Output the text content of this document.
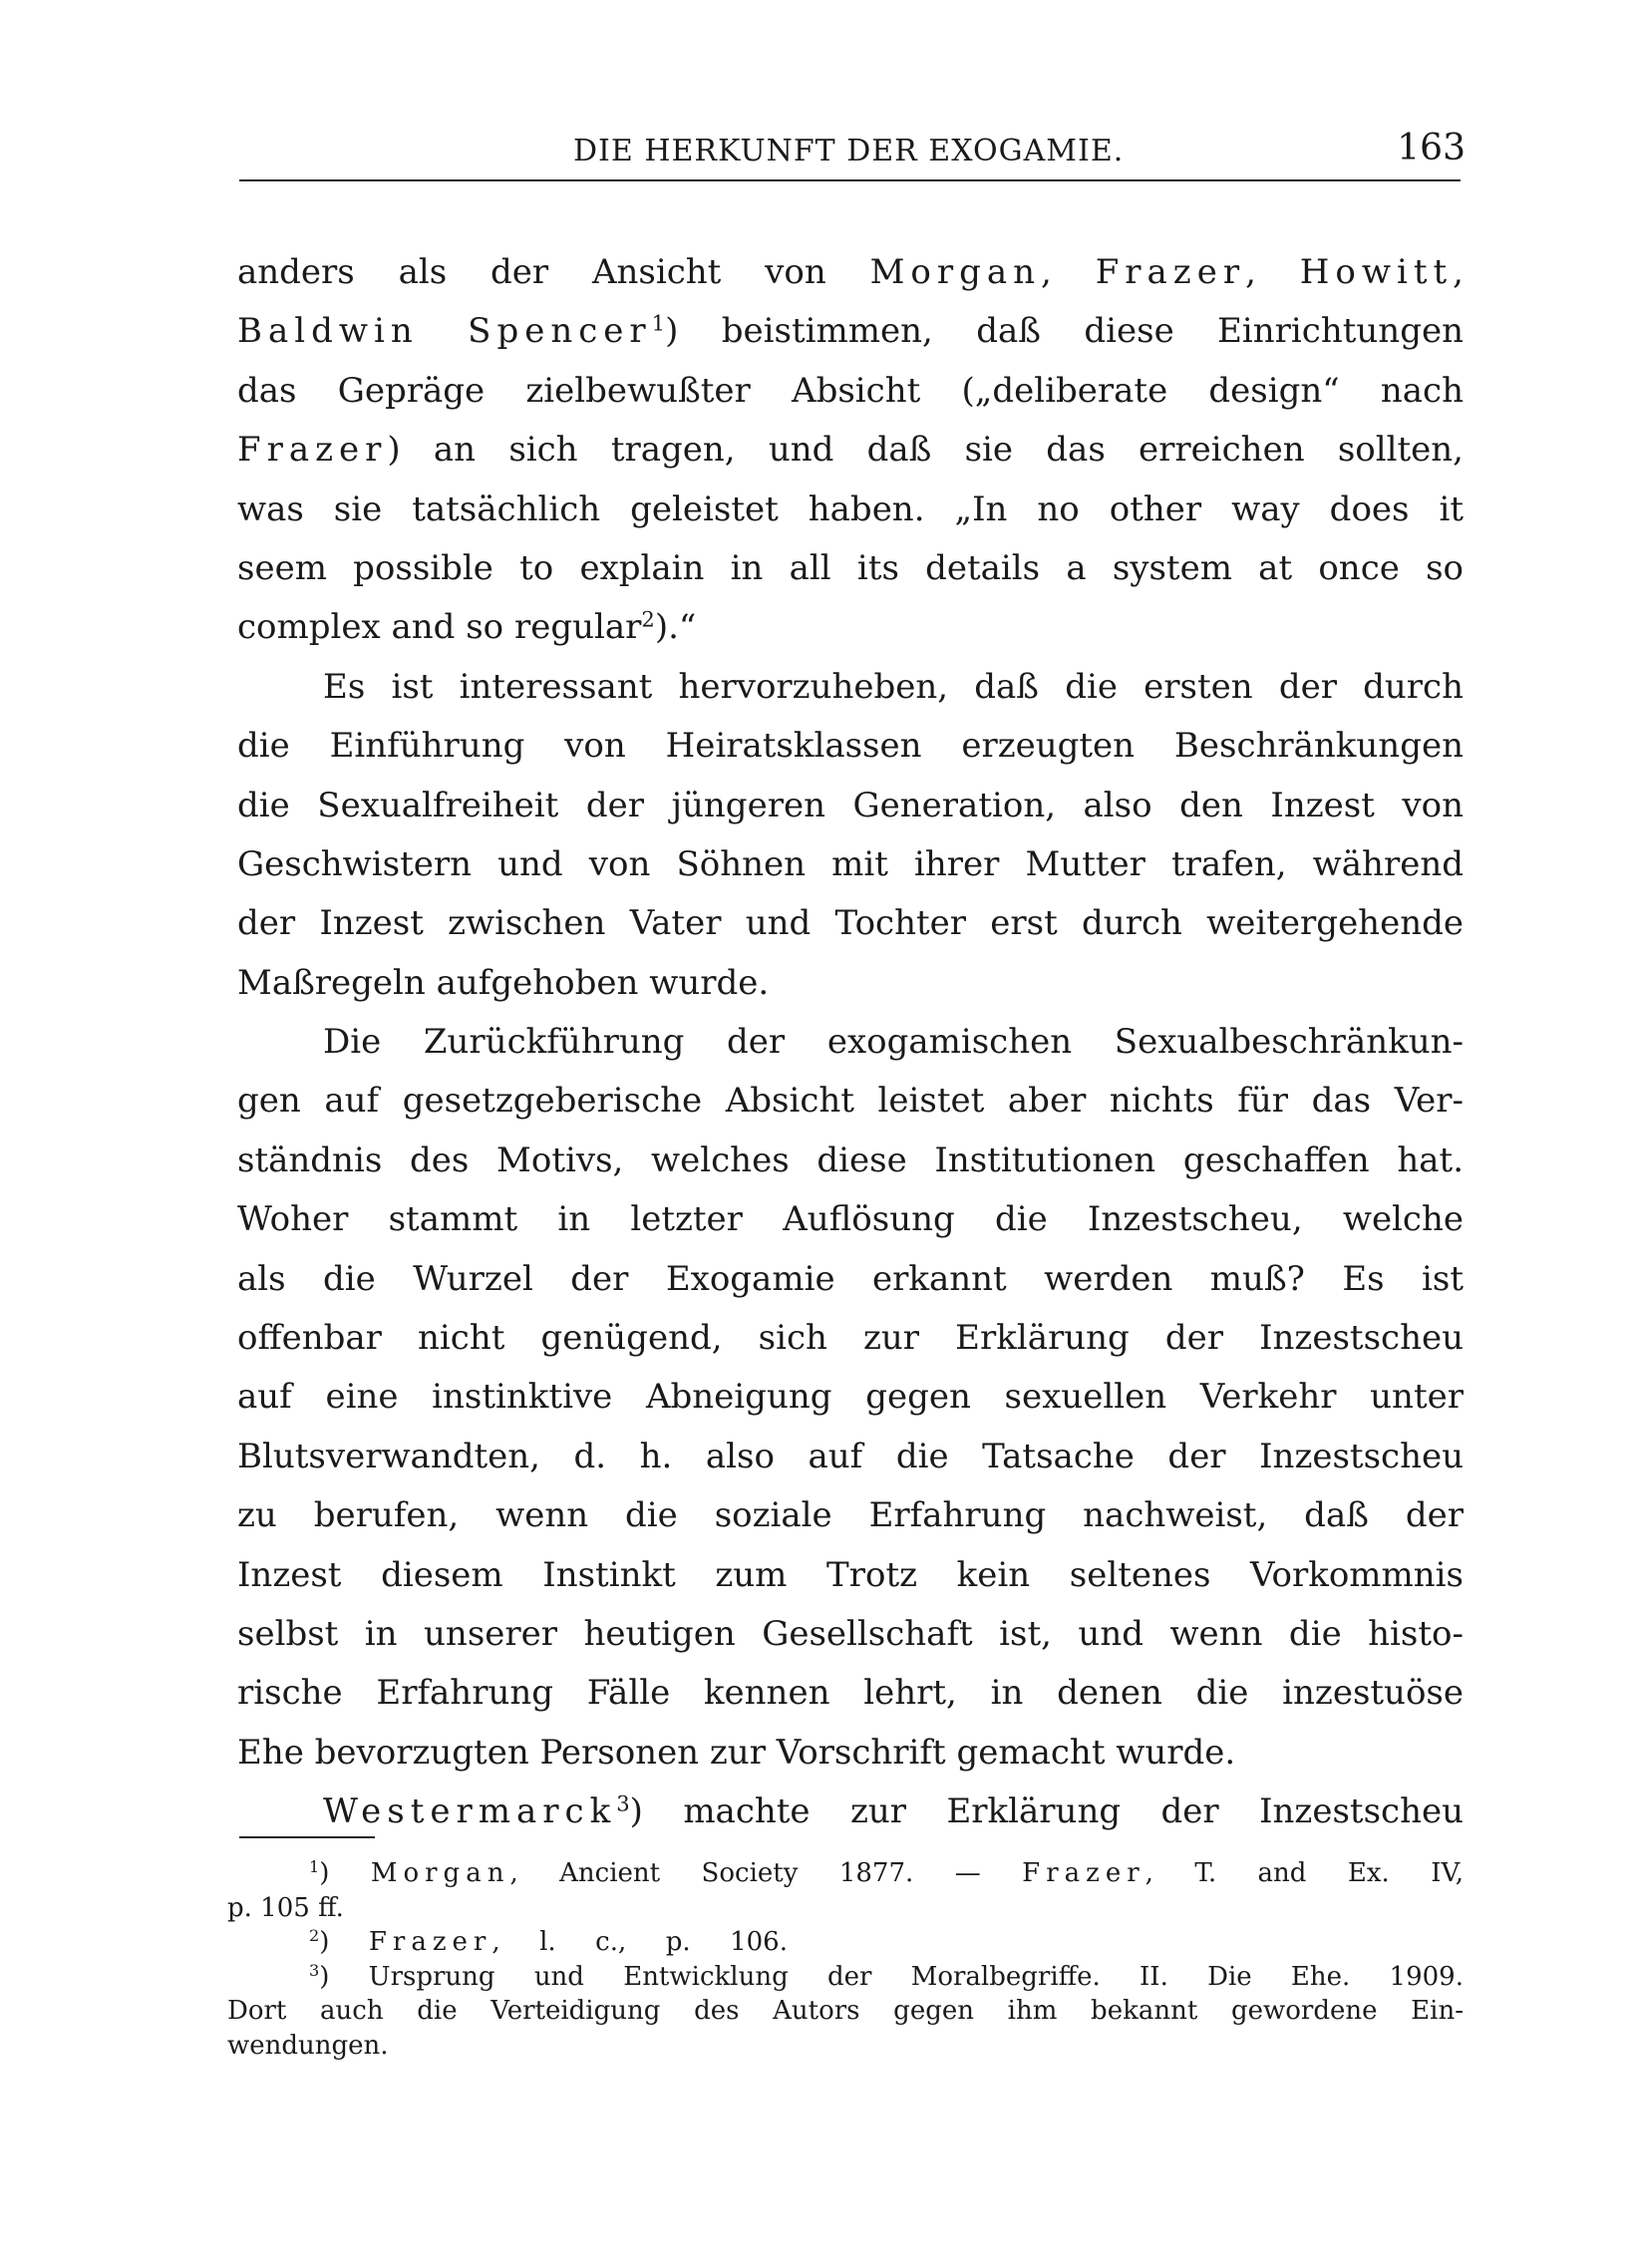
DIE HERKUNFT DER EXOGAMIE.	163
anders als der Ansicht von Morgan, Frazer, Howitt,
Baldwin Spencer$^1$) beistimmen, daß diese Einrichtungen
das Gepräge zielbewußter Absicht („deliberate design“ nach
Frazer) an sich tragen, und daß sie das erreichen sollten,
was sie tatsächlich geleistet haben. „In no other way does it
seem possible to explain in all its details a system at once so
complex and so regular$^2$).“
Es ist interessant hervorzuheben, daß die ersten der durch
die Einführung von Heiratsklassen erzeugten Beschränkungen
die Sexualfreiheit der jüngeren Generation, also den Inzest von
Geschwistern und von Söhnen mit ihrer Mutter trafen, während
der Inzest zwischen Vater und Tochter erst durch weitergehende
Maßregeln aufgehoben wurde.
Die Zurückführung der exogamischen Sexualbeschränkun-
gen auf gesetzgeberische Absicht leistet aber nichts für das Ver-
ständnis des Motivs, welches diese Institutionen geschaffen hat.
Woher stammt in letzter Auflösung die Inzestscheu, welche
als die Wurzel der Exogamie erkannt werden muß? Es ist
offenbar nicht genügend, sich zur Erklärung der Inzestscheu
auf eine instinktive Abneigung gegen sexuellen Verkehr unter
Blutsverwandten, d. h. also auf die Tatsache der Inzestscheu
zu berufen, wenn die soziale Erfahrung nachweist, daß der
Inzest diesem Instinkt zum Trotz kein seltenes Vorkommnis
selbst in unserer heutigen Gesellschaft ist, und wenn die histo-
rische Erfahrung Fälle kennen lehrt, in denen die inzestuöse
Ehe bevorzugten Personen zur Vorschrift gemacht wurde.
Westermarck$^3$) machte zur Erklärung der Inzestscheu
$^1$) Morgan, Ancient Society 1877. — Frazer, T. and Ex. IV,
p. 105 ff.
$^2$) Frazer, l. c., p. 106.
$^3$) Ursprung und Entwicklung der Moralbegriffe. II. Die Ehe. 1909.
Dort auch die Verteidigung des Autors gegen ihm bekannt gewordene Ein-
wendungen.
